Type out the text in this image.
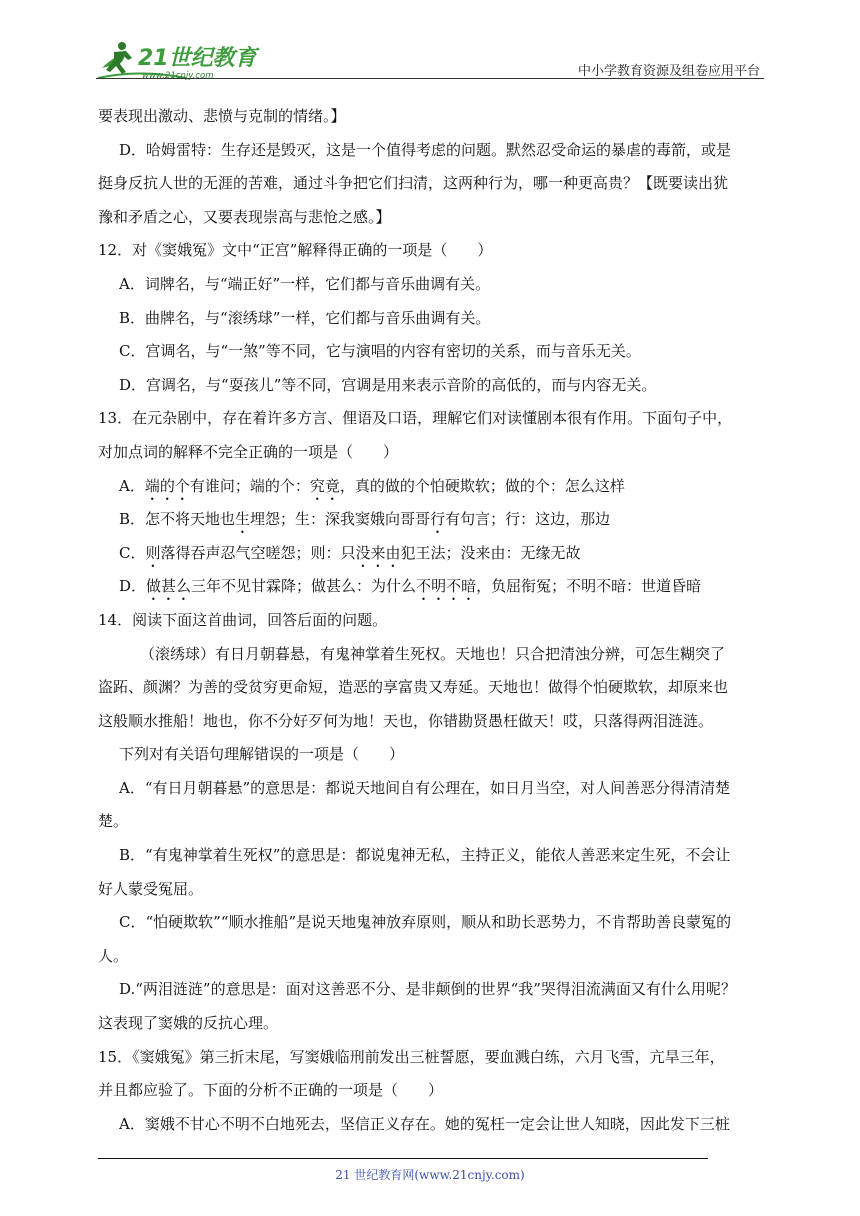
21世纪教育
www.21cnjy.com	中小学教育资源及组卷应用平台
要表现出激动、悲愤与克制的情绪。】
D．哈姆雷特：生存还是毁灭，这是一个值得考虑的问题。默然忍受命运的暴虐的毒箭，或是
挺身反抗人世的无涯的苦难，通过斗争把它们扫清，这两种行为，哪一种更高贵？【既要读出犹
豫和矛盾之心，又要表现崇高与悲怆之感。】
12．对《窦娥冤》文中“正宫”解释得正确的一项是（　　）
A．词牌名，与“端正好”一样，它们都与音乐曲调有关。
B．曲牌名，与“滚绣球”一样，它们都与音乐曲调有关。
C．宫调名，与“一煞”等不同，它与演唱的内容有密切的关系，而与音乐无关。
D．宫调名，与“耍孩儿”等不同，宫调是用来表示音阶的高低的，而与内容无关。
13．在元杂剧中，存在着许多方言、俚语及口语，理解它们对读懂剧本很有作用。下面句子中，
对加点词的解释不完全正确的一项是（　　）
A．端的个有谁问；端的个：究竟，真的做的个怕硬欺软；做的个：怎么这样
B．怎不将天地也生埋怨；生：深我窦娥向哥哥行有句言；行：这边，那边
C．则落得吞声忍气空嗟怨；则：只没来由犯王法；没来由：无缘无故
D．做甚么三年不见甘霖降；做甚么：为什么不明不暗，负屈衔冤；不明不暗：世道昏暗
14．阅读下面这首曲词，回答后面的问题。
（滚绣球）有日月朝暮悬，有鬼神掌着生死权。天地也！只合把清浊分辨，可怎生糊突了
盗跖、颜渊？为善的受贫穷更命短，造恶的享富贵又寿延。天地也！做得个怕硬欺软，却原来也
这般顺水推船！地也，你不分好歹何为地！天也，你错勘贤愚枉做天！哎，只落得两泪涟涟。
下列对有关语句理解错误的一项是（　　）
A．“有日月朝暮悬”的意思是：都说天地间自有公理在，如日月当空，对人间善恶分得清清楚
楚。
B．“有鬼神掌着生死权”的意思是：都说鬼神无私，主持正义，能依人善恶来定生死，不会让
好人蒙受冤屈。
C．“怕硬欺软”“顺水推船”是说天地鬼神放弃原则，顺从和助长恶势力，不肯帮助善良蒙冤的
人。
D.“两泪涟涟”的意思是：面对这善恶不分、是非颠倒的世界“我”哭得泪流满面又有什么用呢？
这表现了窦娥的反抗心理。
15．《窦娥冤》第三折末尾，写窦娥临刑前发出三桩誓愿，要血溅白练，六月飞雪，亢旱三年，
并且都应验了。下面的分析不正确的一项是（　　）
A．窦娥不甘心不明不白地死去，坚信正义存在。她的冤枉一定会让世人知晓，因此发下三桩
21 世纪教育网(www.21cnjy.com)
